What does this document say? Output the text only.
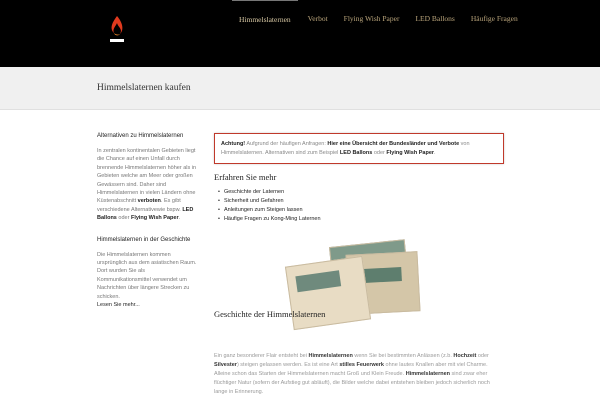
Himmelslaternen	Verbot Flying Wish Paper LED Ballons Häufige Fragen
Himmelslaternen kaufen
Alternativen zu Himmelslaternen

In zentralen kontinentalen Gebieten liegt die Chance auf einen Unfall durch brennende Himmelslaternen höher als in Gebieten welche am Meer oder großen Gewässern sind. Daher sind Himmelslaternen in vielen Ländern ohne Küstenabschnitt verboten. Es gibt verschiedene Alternativewie bspw. LED Ballons oder Flying Wish Paper.

Himmelslaternen in der Geschichte

Die Himmelslaternen kommen ursprünglich aus dem asiatischen Raum. Dort wurden Sie als Kommunikationsmittel verwendet um Nachrichten über längere Strecken zu schicken.
Lesen Sie mehr...

Achtung! Aufgrund der häufigen Anfragen: Hier eine Übersicht der Bundesländer und Verbote von Himmelslaternen. Alternativen sind zum Beispiel LED Ballons oder Flying Wish Paper.
Erfahren Sie mehr
• Geschichte der Laternen
• Sicherheit und Gefahren
• Anleitungen zum Steigen lassen
• Häufige Fragen zu Kong-Ming Laternen
Geschichte der Himmelslaternen

Ein ganz besonderer Flair entsteht bei Himmelslaternen wenn Sie bei bestimmten Anlässen (z.b. Hochzeit oder Silvester) steigen gelassen werden. Es ist eine Art stilles Feuerwerk ohne lautes Knallen aber mit viel Charme. Alleine schon das Starten der Himmelslaternen macht Groß und Klein Freude. Himmelslaternen sind zwar eher flüchtiger Natur (sofern der Aufstieg gut abläuft), die Bilder welche dabei entstehen bleiben jedoch sicherlich noch lange in Erinnerung.
